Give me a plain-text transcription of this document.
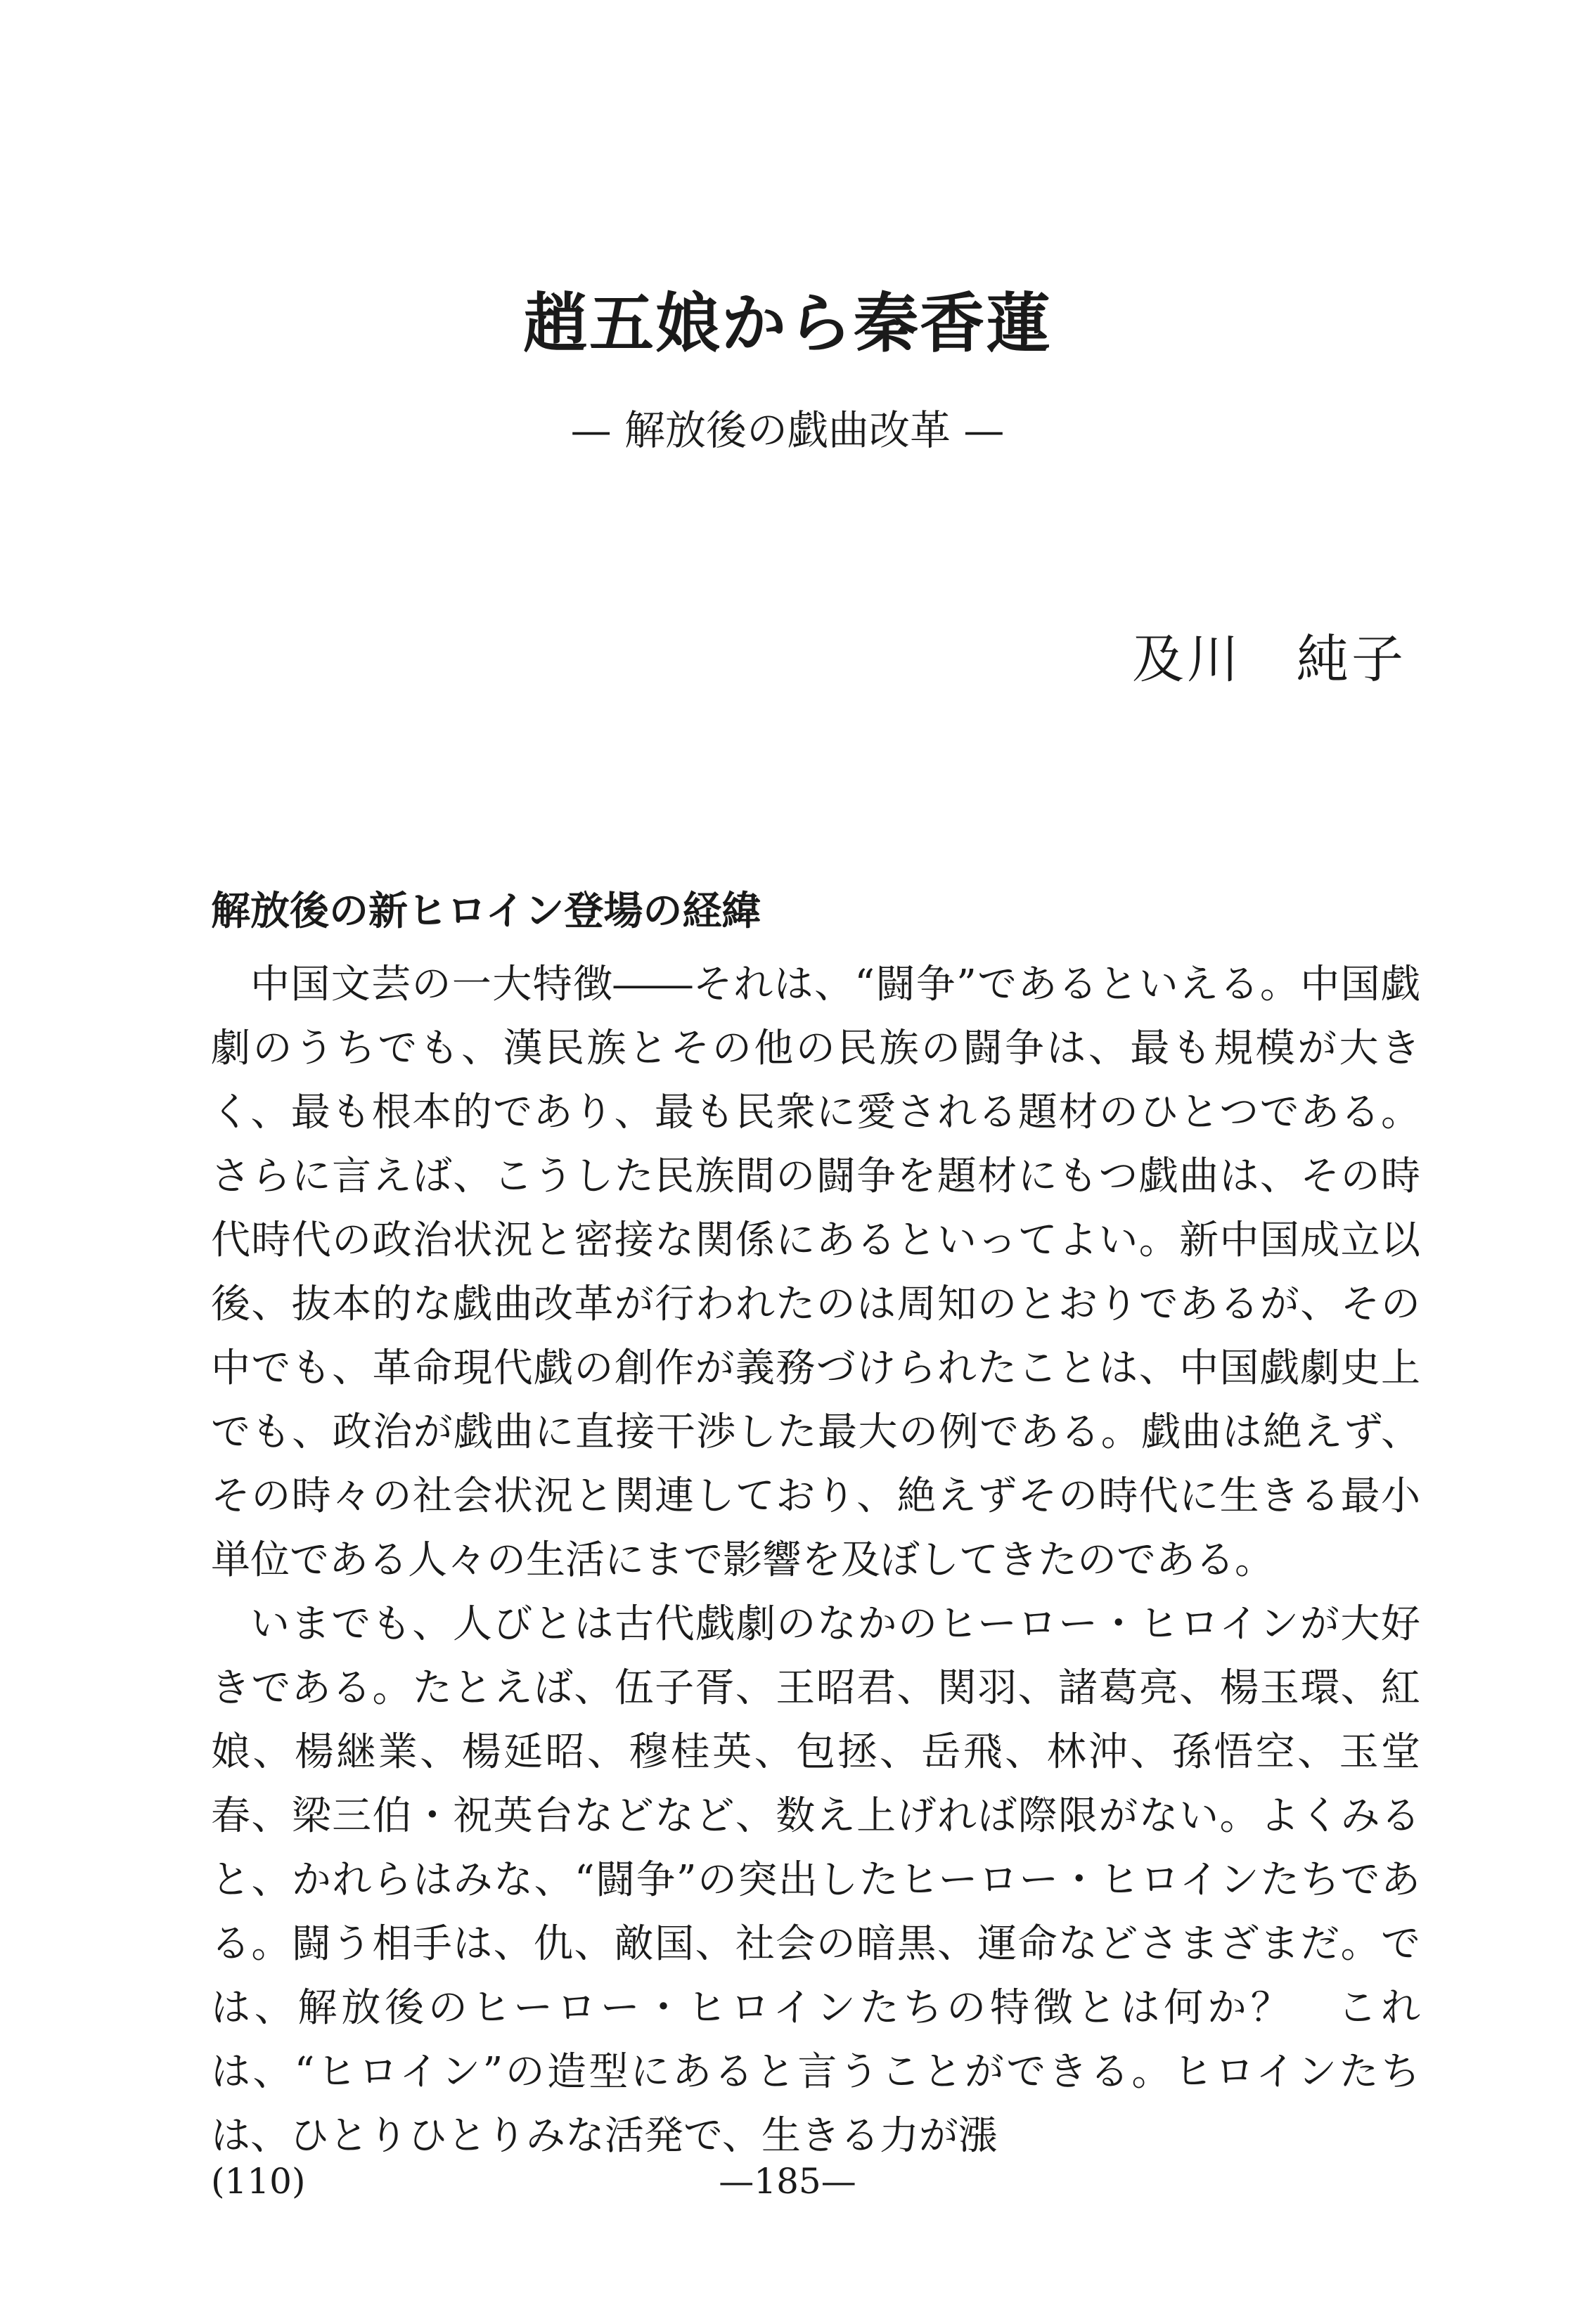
趙五娘から秦香蓮
— 解放後の戯曲改革 —
及川　純子
解放後の新ヒロイン登場の経緯

中国文芸の一大特徴――それは、“闘争”であるといえる。中国戯劇のうちでも、漢民族とその他の民族の闘争は、最も規模が大きく、最も根本的であり、最も民衆に愛される題材のひとつである。さらに言えば、こうした民族間の闘争を題材にもつ戯曲は、その時代時代の政治状況と密接な関係にあるといってよい。新中国成立以後、抜本的な戯曲改革が行われたのは周知のとおりであるが、その中でも、革命現代戯の創作が義務づけられたことは、中国戯劇史上でも、政治が戯曲に直接干渉した最大の例である。戯曲は絶えず、その時々の社会状況と関連しており、絶えずその時代に生きる最小単位である人々の生活にまで影響を及ぼしてきたのである。

いまでも、人びとは古代戯劇のなかのヒーロー・ヒロインが大好きである。たとえば、伍子胥、王昭君、関羽、諸葛亮、楊玉環、紅娘、楊継業、楊延昭、穆桂英、包拯、岳飛、林沖、孫悟空、玉堂春、梁三伯・祝英台などなど、数え上げれば際限がない。よくみると、かれらはみな、“闘争”の突出したヒーロー・ヒロインたちである。闘う相手は、仇、敵国、社会の暗黒、運命などさまざまだ。では、解放後のヒーロー・ヒロインたちの特徴とは何か？　これは、“ヒロイン”の造型にあると言うことができる。ヒロインたちは、ひとりひとりみな活発で、生きる力が漲

(110)	—185—
